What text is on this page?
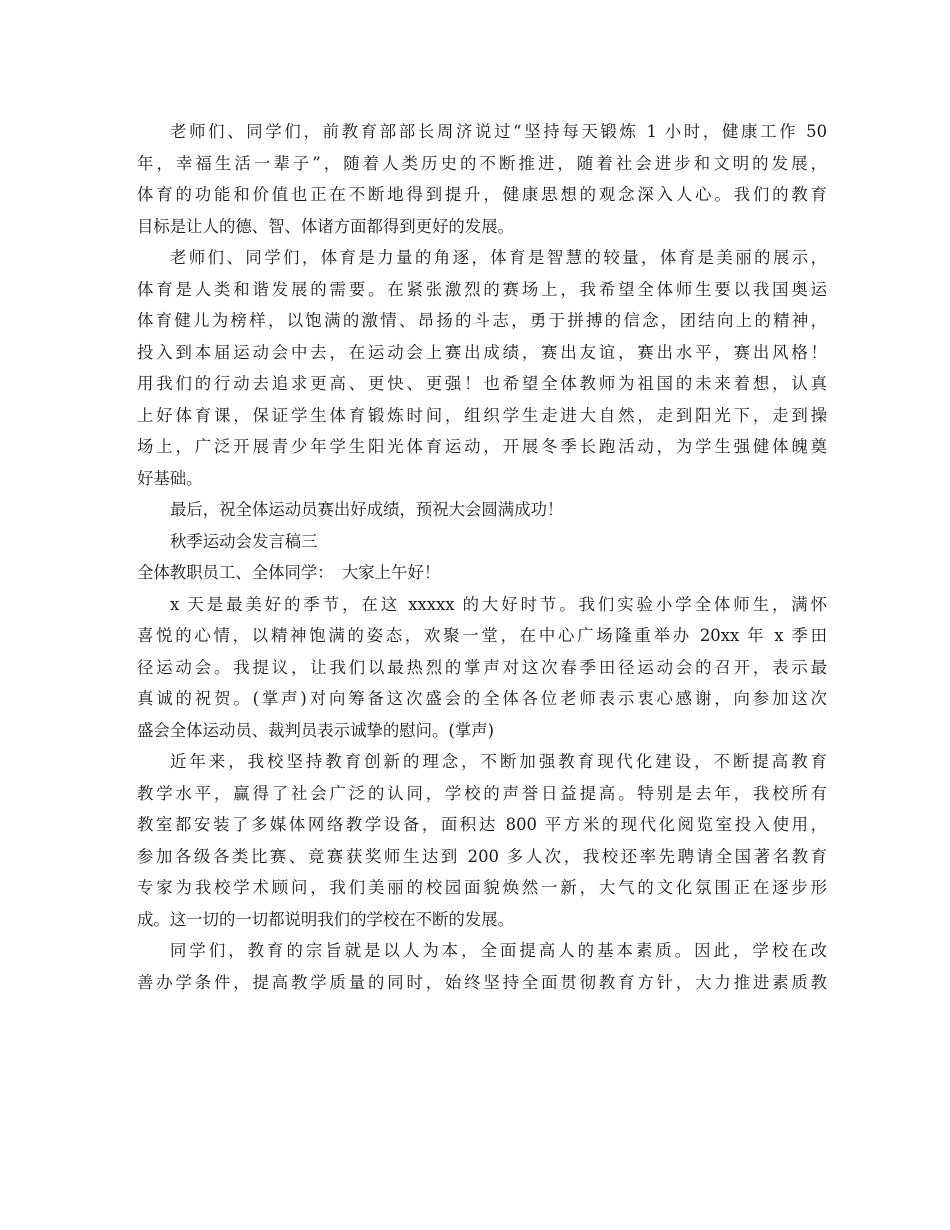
老师们、同学们，前教育部部长周济说过“坚持每天锻炼 1 小时，健康工作 50
年，幸福生活一辈子”，随着人类历史的不断推进，随着社会进步和文明的发展，
体育的功能和价值也正在不断地得到提升，健康思想的观念深入人心。我们的教育
目标是让人的德、智、体诸方面都得到更好的发展。
老师们、同学们，体育是力量的角逐，体育是智慧的较量，体育是美丽的展示，
体育是人类和谐发展的需要。在紧张激烈的赛场上，我希望全体师生要以我国奥运
体育健儿为榜样，以饱满的激情、昂扬的斗志，勇于拼搏的信念，团结向上的精神，
投入到本届运动会中去，在运动会上赛出成绩，赛出友谊，赛出水平，赛出风格！
用我们的行动去追求更高、更快、更强！也希望全体教师为祖国的未来着想，认真
上好体育课，保证学生体育锻炼时间，组织学生走进大自然，走到阳光下，走到操
场上，广泛开展青少年学生阳光体育运动，开展冬季长跑活动，为学生强健体魄奠
好基础。
最后，祝全体运动员赛出好成绩，预祝大会圆满成功！
秋季运动会发言稿三
全体教职员工、全体同学：　大家上午好！
x 天是最美好的季节，在这 xxxxx 的大好时节。我们实验小学全体师生，满怀
喜悦的心情，以精神饱满的姿态，欢聚一堂，在中心广场隆重举办 20xx 年 x 季田
径运动会。我提议，让我们以最热烈的掌声对这次春季田径运动会的召开，表示最
真诚的祝贺。(掌声)对向筹备这次盛会的全体各位老师表示衷心感谢，向参加这次
盛会全体运动员、裁判员表示诚挚的慰问。(掌声)
近年来，我校坚持教育创新的理念，不断加强教育现代化建设，不断提高教育
教学水平，赢得了社会广泛的认同，学校的声誉日益提高。特别是去年，我校所有
教室都安装了多媒体网络教学设备，面积达 800 平方米的现代化阅览室投入使用，
参加各级各类比赛、竞赛获奖师生达到 200 多人次，我校还率先聘请全国著名教育
专家为我校学术顾问，我们美丽的校园面貌焕然一新，大气的文化氛围正在逐步形
成。这一切的一切都说明我们的学校在不断的发展。
同学们，教育的宗旨就是以人为本，全面提高人的基本素质。因此，学校在改
善办学条件，提高教学质量的同时，始终坚持全面贯彻教育方针，大力推进素质教
